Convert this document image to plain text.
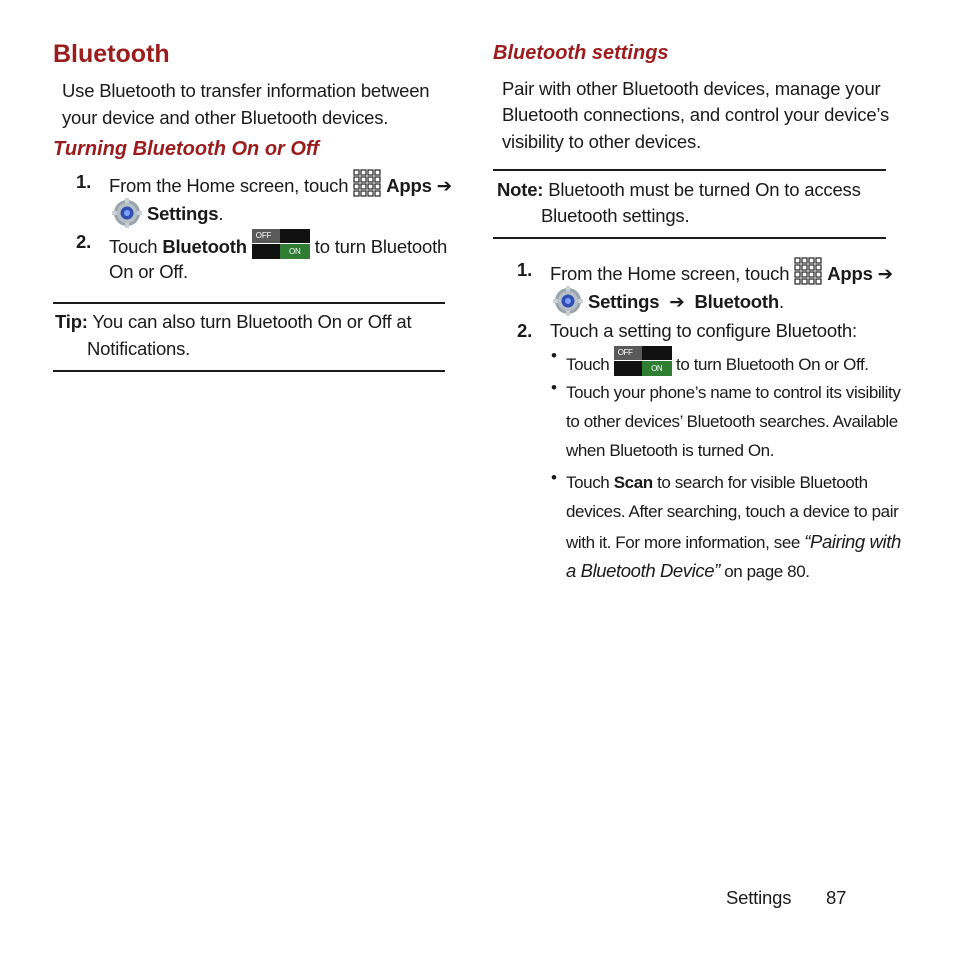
Bluetooth
Use Bluetooth to transfer information between your device and other Bluetooth devices.
Turning Bluetooth On or Off
1. From the Home screen, touch Apps ➔
Settings.
2. Touch Bluetooth
OFF
ON to turn Bluetooth
On or Off.
Tip: You can also turn Bluetooth On or Off at
Notifications.
Bluetooth settings
Pair with other Bluetooth devices, manage your
Bluetooth connections, and control your device’s
visibility to other devices.
Note: Bluetooth must be turned On to access
Bluetooth settings.
1. From the Home screen, touch Apps ➔
Settings ➔ Bluetooth.
2. Touch a setting to configure Bluetooth:
• Touch
OFF
ON to turn Bluetooth On or Off.
• Touch your phone’s name to control its visibility
to other devices’ Bluetooth searches. Available
when Bluetooth is turned On.
• Touch Scan to search for visible Bluetooth
devices. After searching, touch a device to pair
with it. For more information, see “Pairing with
a Bluetooth Device” on page 80.
Settings 87
